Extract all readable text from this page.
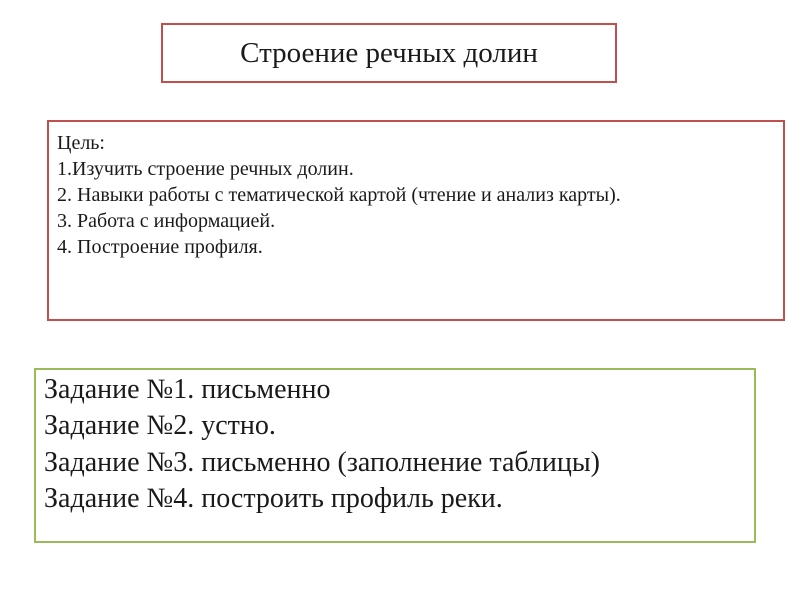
Строение речных долин
Цель:
1.Изучить строение речных долин.
2. Навыки работы с тематической картой (чтение и анализ карты).
3. Работа с информацией.
4. Построение профиля.
Задание №1. письменно
Задание №2. устно.
Задание №3. письменно (заполнение таблицы)
Задание №4. построить профиль реки.
